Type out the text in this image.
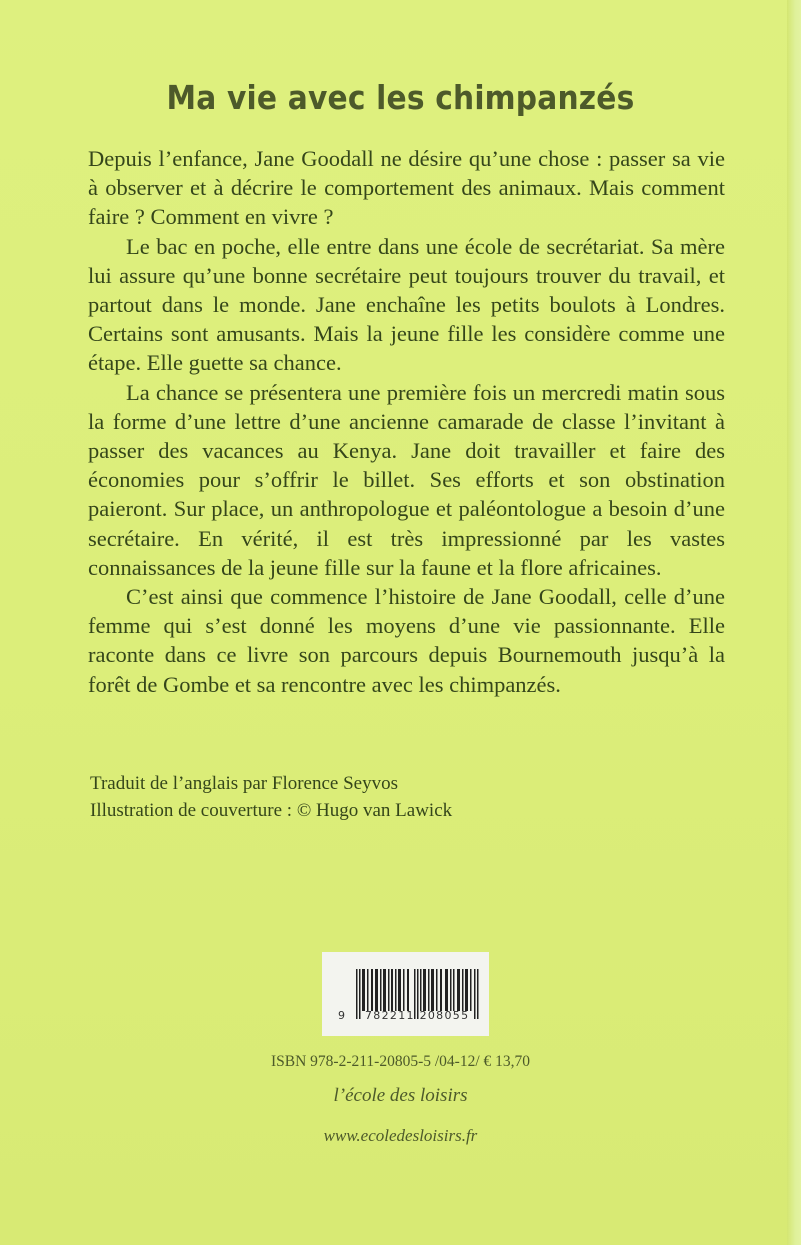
Ma vie avec les chimpanzés

Depuis l’enfance, Jane Goodall ne désire qu’une chose : passer sa vie à observer et à décrire le comportement des animaux. Mais comment faire ? Comment en vivre ?

Le bac en poche, elle entre dans une école de secrétariat. Sa mère lui assure qu’une bonne secrétaire peut toujours trouver du travail, et partout dans le monde. Jane enchaîne les petits boulots à Londres. Certains sont amusants. Mais la jeune fille les considère comme une étape. Elle guette sa chance.

La chance se présentera une première fois un mercredi matin sous la forme d’une lettre d’une ancienne camarade de classe l’invitant à passer des vacances au Kenya. Jane doit travailler et faire des économies pour s’offrir le billet. Ses efforts et son obstination paieront. Sur place, un anthropologue et paléontologue a besoin d’une secrétaire. En vérité, il est très impressionné par les vastes connaissances de la jeune fille sur la faune et la flore africaines.

C’est ainsi que commence l’histoire de Jane Goodall, celle d’une femme qui s’est donné les moyens d’une vie passionnante. Elle raconte dans ce livre son parcours depuis Bournemouth jusqu’à la forêt de Gombe et sa rencontre avec les chimpanzés.

Traduit de l’anglais par Florence Seyvos
Illustration de couverture : © Hugo van Lawick
9 782211 208055
ISBN 978-2-211-20805-5 /04-12/ € 13,70
l’école des loisirs
www.ecoledesloisirs.fr
